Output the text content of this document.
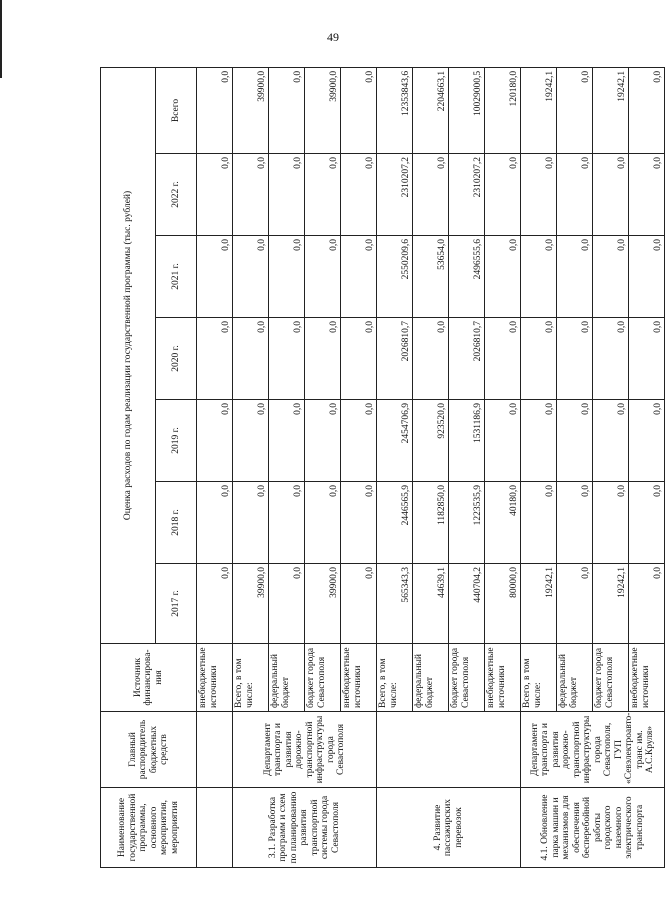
49
Наименование государственной программы, основного мероприятия, мероприятия	Главный распорядитель бюджетных средств	Источник финансирова-ния	Оценка расходов по годам реализации государственной программы (тыс. рублей)						
			2017 г.	2018 г.	2019 г.	2020 г.	2021 г.	2022 г.	Всего
		внебюджетные источники	0,0	0,0	0,0	0,0	0,0	0,0	0,0
3.1. Разработка программ и схем по планированию развития транспортной системы города Севастополя	Департамент транспорта и развития дорожно-транспортной инфраструктуры города Севастополя	Всего, в том числе:	39900,0	0,0	0,0	0,0	0,0	0,0	39900,0
		федеральный бюджет	0,0	0,0	0,0	0,0	0,0	0,0	0,0
		бюджет города Севастополя	39900,0	0,0	0,0	0,0	0,0	0,0	39900,0
		внебюджетные источники	0,0	0,0	0,0	0,0	0,0	0,0	0,0
4. Развитие пассажирских перевозок		Всего, в том числе:	565343,3	2446565,9	2454706,9	2026810,7	2550209,6	2310207,2	12353843,6
		федеральный бюджет	44639,1	1182850,0	923520,0	0,0	53654,0	0,0	2204663,1
		бюджет города Севастополя	440704,2	1223535,9	1531186,9	2026810,7	2496555,6	2310207,2	10029000,5
		внебюджетные источники	80000,0	40180,0	0,0	0,0	0,0	0,0	120180,0
4.1. Обновление парка машин и механизмов для обеспечения бесперебойной работы городского наземного электрического транспорта	Департамент транспорта и развития дорожно-транспортной инфраструктуры города Севастополя, ГУП «Севэлектроавто-транс им. А.С.Круля»	Всего, в том числе:	19242,1	0,0	0,0	0,0	0,0	0,0	19242,1
		федеральный бюджет	0,0	0,0	0,0	0,0	0,0	0,0	0,0
		бюджет города Севастополя	19242,1	0,0	0,0	0,0	0,0	0,0	19242,1
		внебюджетные источники	0,0	0,0	0,0	0,0	0,0	0,0	0,0
